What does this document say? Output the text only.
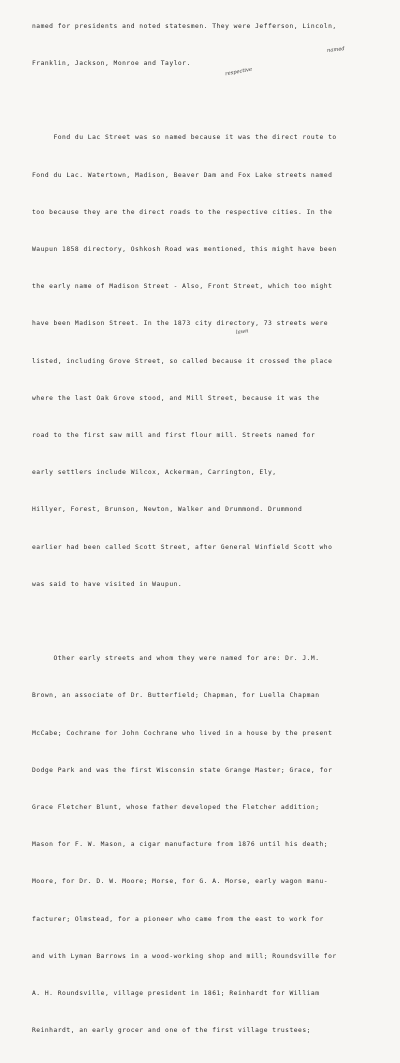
named for presidents and noted statesmen. They were Jefferson, Lincoln,

Franklin, Jackson, Monroe and Taylor.

Fond du Lac Street was so named because it was the direct route to

Fond du Lac. Watertown, Madison, Beaver Dam and Fox Lake streets named

too because they are the direct roads to the respective cities. In the

Waupun 1858 directory, Oshkosh Road was mentioned, this might have been

the early name of Madison Street - Also, Front Street, which too might

have been Madison Street. In the 1873 city directory, 73 streets were

listed, including Grove Street, so called because it crossed the place

where the last Oak Grove stood, and Mill Street, because it was the

road to the first saw mill and first flour mill. Streets named for

early settlers include Wilcox, Ackerman, Carrington, Ely,

Hillyer, Forest, Brunson, Newton, Walker and Drummond. Drummond

earlier had been called Scott Street, after General Winfield Scott who

was said to have visited in Waupun.

Other early streets and whom they were named for are: Dr. J.M.

Brown, an associate of Dr. Butterfield; Chapman, for Luella Chapman

McCabe; Cochrane for John Cochrane who lived in a house by the present

Dodge Park and was the first Wisconsin state Grange Master; Grace, for

Grace Fletcher Blunt, whose father developed the Fletcher addition;

Mason for F. W. Mason, a cigar manufacture from 1876 until his death;

Moore, for Dr. D. W. Moore; Morse, for G. A. Morse, early wagon manu-

facturer; Olmstead, for a pioneer who came from the east to work for

and with Lyman Barrows in a wood-working shop and mill; Roundsville for

A. H. Roundsville, village president in 1861; Reinhardt for William

Reinhardt, an early grocer and one of the first village trustees;

named
respective
lawn
